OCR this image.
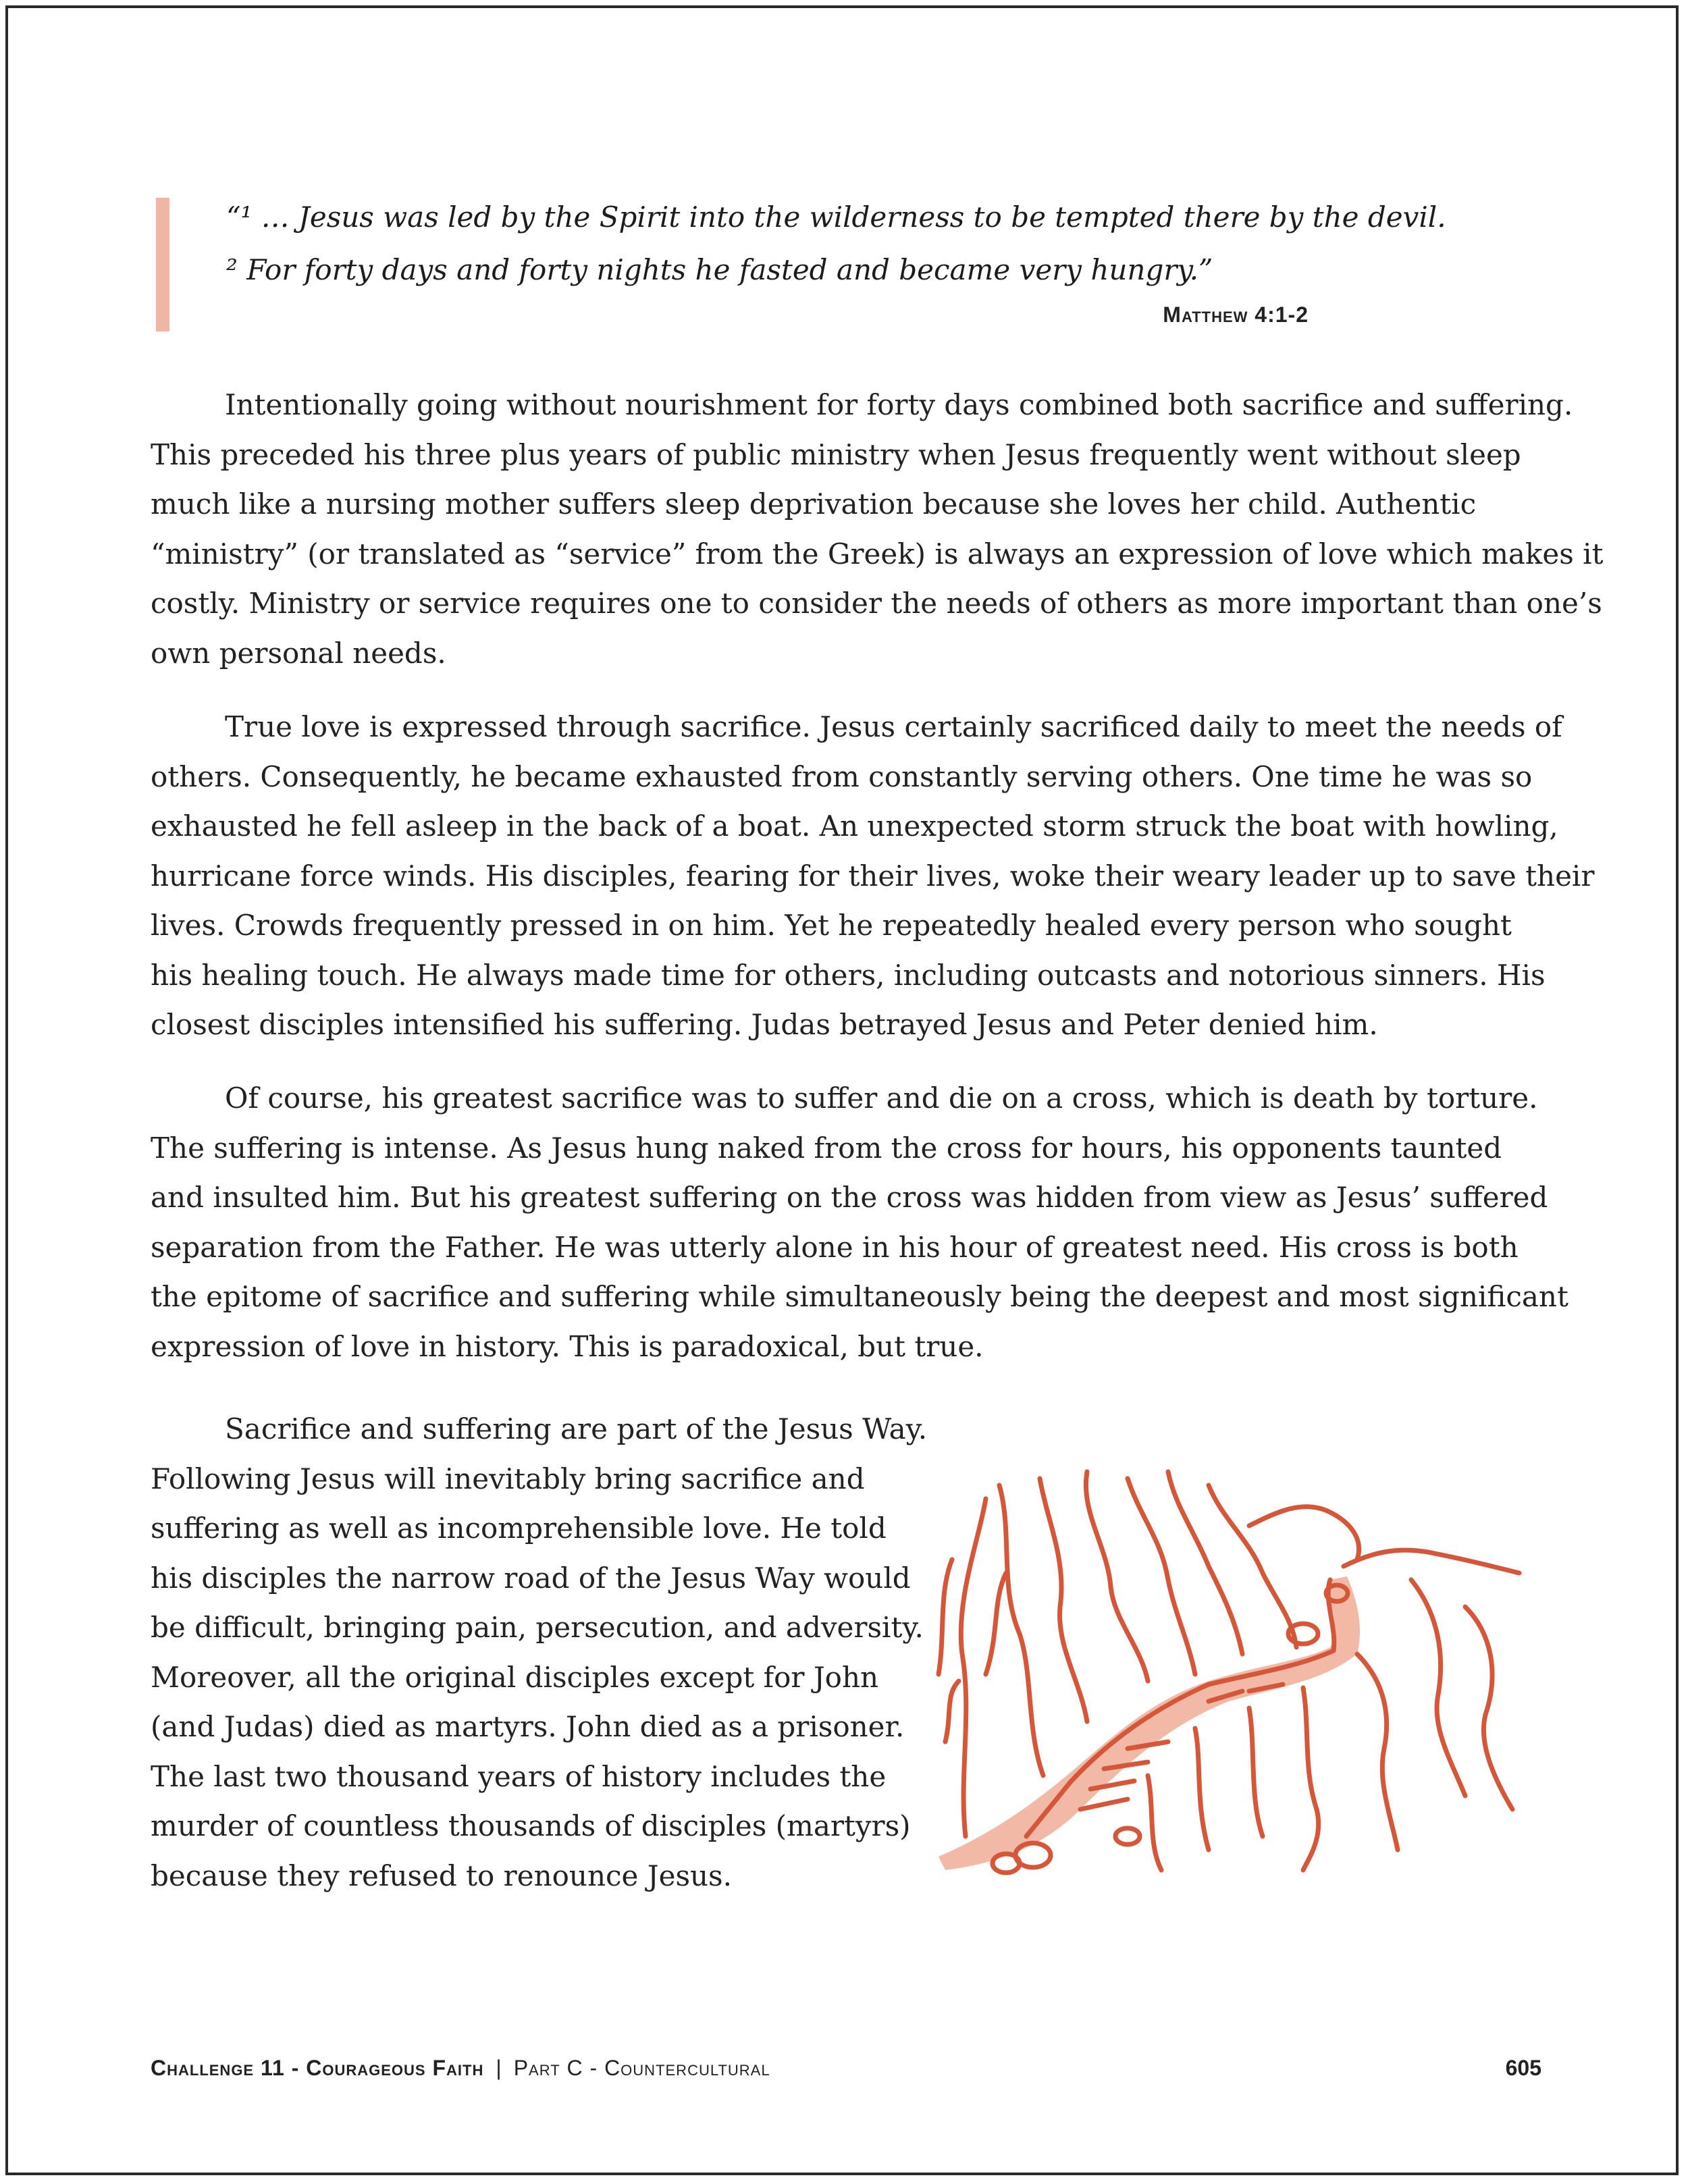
“¹ … Jesus was led by the Spirit into the wilderness to be tempted there by the devil.
² For forty days and forty nights he fasted and became very hungry.”
Matthew 4:1-2
Intentionally going without nourishment for forty days combined both sacrifice and suffering.
This preceded his three plus years of public ministry when Jesus frequently went without sleep
much like a nursing mother suffers sleep deprivation because she loves her child. Authentic
“ministry” (or translated as “service” from the Greek) is always an expression of love which makes it
costly. Ministry or service requires one to consider the needs of others as more important than one’s
own personal needs.
True love is expressed through sacrifice. Jesus certainly sacrificed daily to meet the needs of
others. Consequently, he became exhausted from constantly serving others. One time he was so
exhausted he fell asleep in the back of a boat. An unexpected storm struck the boat with howling,
hurricane force winds. His disciples, fearing for their lives, woke their weary leader up to save their
lives. Crowds frequently pressed in on him. Yet he repeatedly healed every person who sought
his healing touch. He always made time for others, including outcasts and notorious sinners. His
closest disciples intensified his suffering. Judas betrayed Jesus and Peter denied him.
Of course, his greatest sacrifice was to suffer and die on a cross, which is death by torture.
The suffering is intense. As Jesus hung naked from the cross for hours, his opponents taunted
and insulted him. But his greatest suffering on the cross was hidden from view as Jesus’ suffered
separation from the Father. He was utterly alone in his hour of greatest need. His cross is both
the epitome of sacrifice and suffering while simultaneously being the deepest and most significant
expression of love in history. This is paradoxical, but true.
Sacrifice and suffering are part of the Jesus Way.
Following Jesus will inevitably bring sacrifice and
suffering as well as incomprehensible love. He told
his disciples the narrow road of the Jesus Way would
be difficult, bringing pain, persecution, and adversity.
Moreover, all the original disciples except for John
(and Judas) died as martyrs. John died as a prisoner.
The last two thousand years of history includes the
murder of countless thousands of disciples (martyrs)
because they refused to renounce Jesus.
Challenge 11 - Courageous Faith | Part C - Countercultural	605
